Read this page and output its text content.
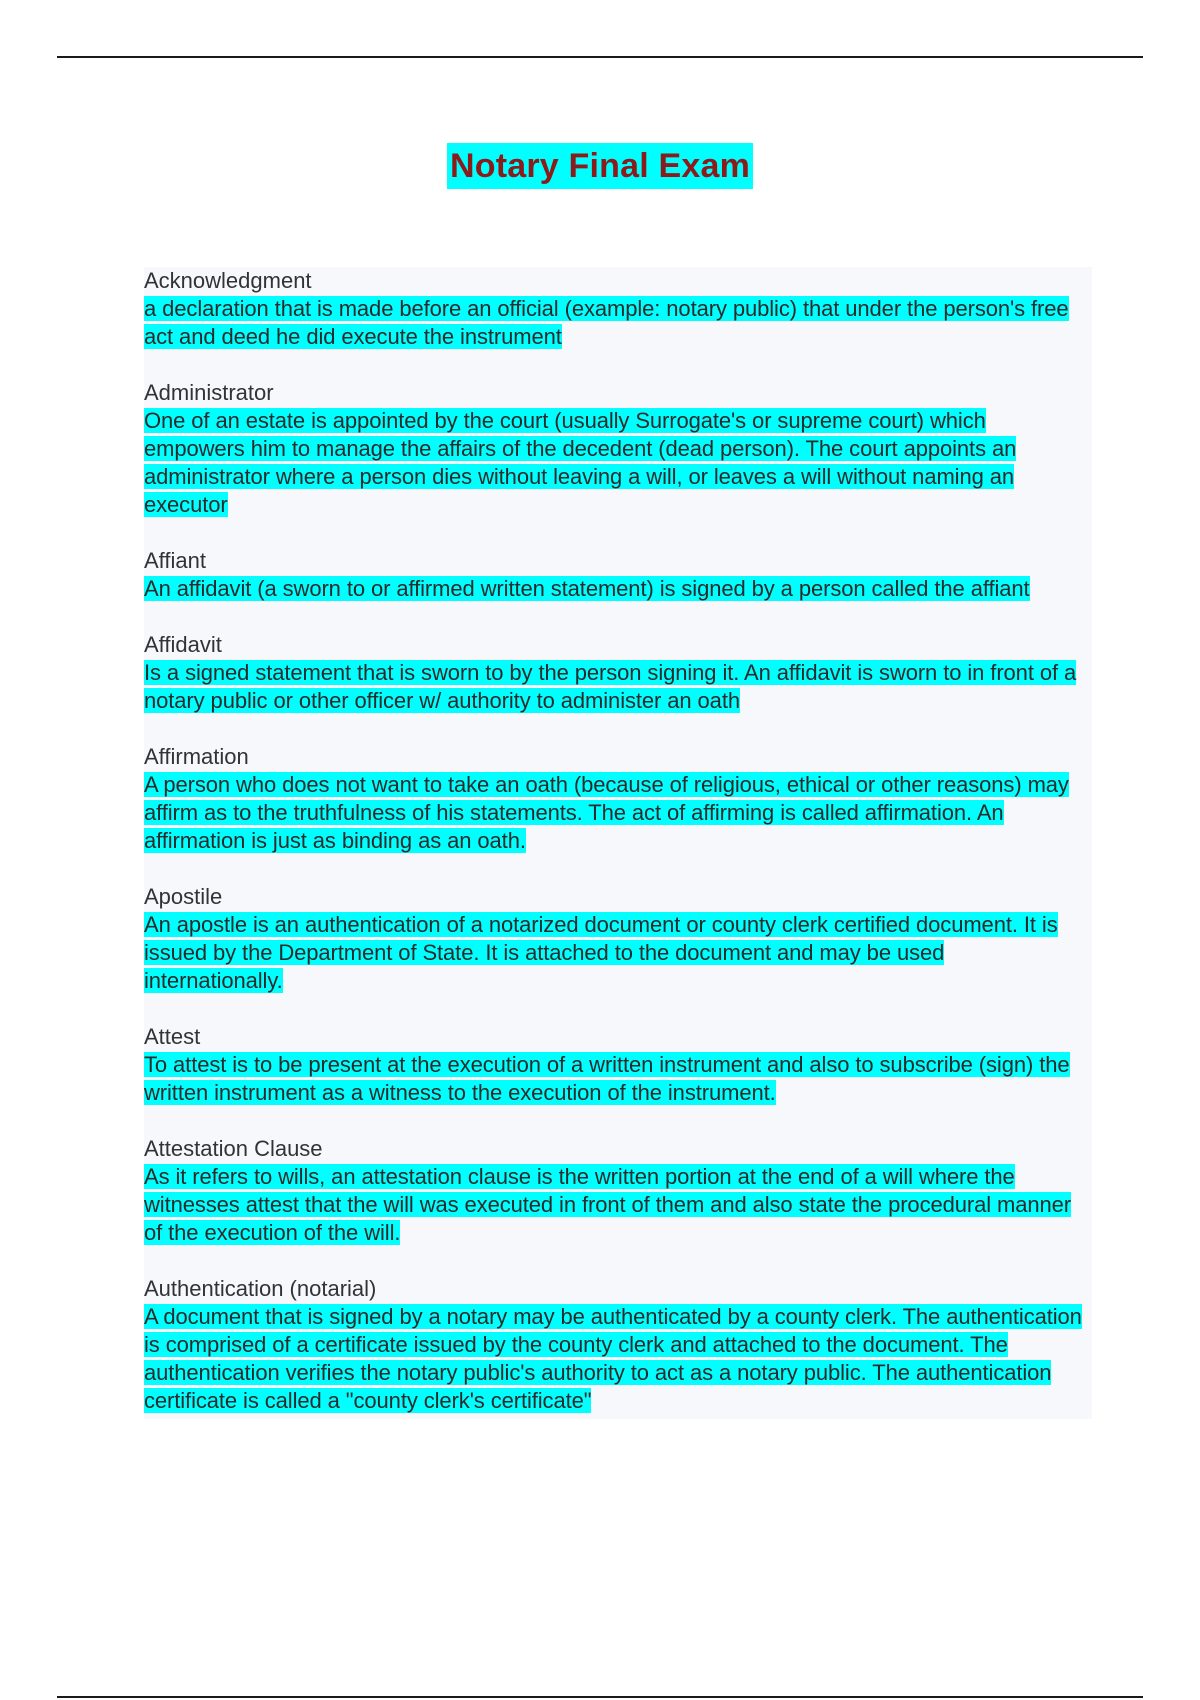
Notary Final Exam

Acknowledgment

a declaration that is made before an official (example: notary public) that under the person's free act and deed he did execute the instrument

Administrator

One of an estate is appointed by the court (usually Surrogate's or supreme court) which empowers him to manage the affairs of the decedent (dead person). The court appoints an administrator where a person dies without leaving a will, or leaves a will without naming an executor

Affiant

An affidavit (a sworn to or affirmed written statement) is signed by a person called the affiant

Affidavit

Is a signed statement that is sworn to by the person signing it. An affidavit is sworn to in front of a notary public or other officer w/ authority to administer an oath

Affirmation

A person who does not want to take an oath (because of religious, ethical or other reasons) may affirm as to the truthfulness of his statements. The act of affirming is called affirmation. An affirmation is just as binding as an oath.

Apostile

An apostle is an authentication of a notarized document or county clerk certified document. It is issued by the Department of State. It is attached to the document and may be used internationally.

Attest

To attest is to be present at the execution of a written instrument and also to subscribe (sign) the written instrument as a witness to the execution of the instrument.

Attestation Clause

As it refers to wills, an attestation clause is the written portion at the end of a will where the witnesses attest that the will was executed in front of them and also state the procedural manner of the execution of the will.

Authentication (notarial)

A document that is signed by a notary may be authenticated by a county clerk. The authentication is comprised of a certificate issued by the county clerk and attached to the document. The authentication verifies the notary public's authority to act as a notary public. The authentication certificate is called a "county clerk's certificate"
